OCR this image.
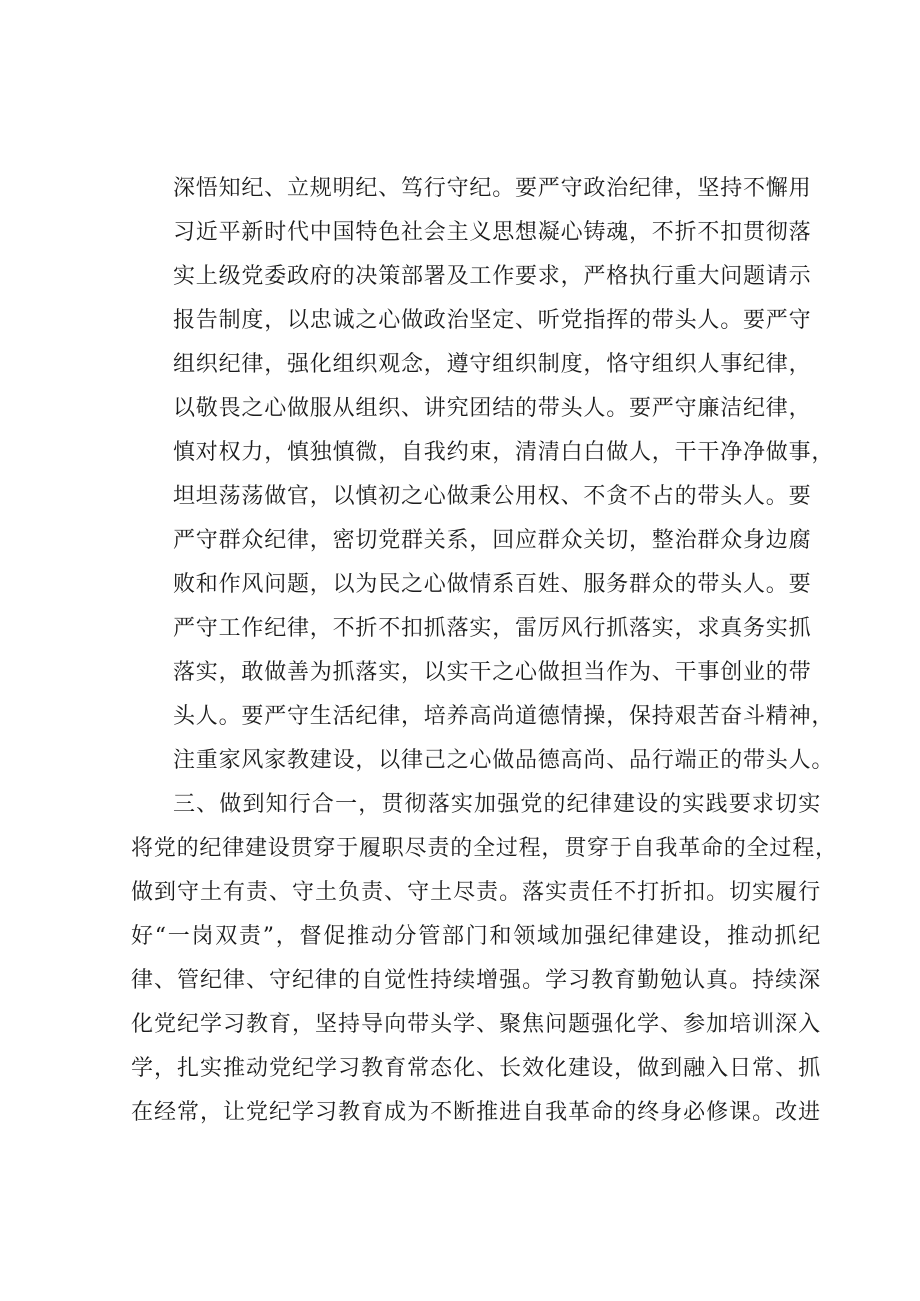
深悟知纪、立规明纪、笃行守纪。要严守政治纪律，坚持不懈用
习近平新时代中国特色社会主义思想凝心铸魂，不折不扣贯彻落
实上级党委政府的决策部署及工作要求，严格执行重大问题请示
报告制度，以忠诚之心做政治坚定、听党指挥的带头人。要严守
组织纪律，强化组织观念，遵守组织制度，恪守组织人事纪律，
以敬畏之心做服从组织、讲究团结的带头人。要严守廉洁纪律，
慎对权力，慎独慎微，自我约束，清清白白做人，干干净净做事，
坦坦荡荡做官，以慎初之心做秉公用权、不贪不占的带头人。要
严守群众纪律，密切党群关系，回应群众关切，整治群众身边腐
败和作风问题，以为民之心做情系百姓、服务群众的带头人。要
严守工作纪律，不折不扣抓落实，雷厉风行抓落实，求真务实抓
落实，敢做善为抓落实，以实干之心做担当作为、干事创业的带
头人。要严守生活纪律，培养高尚道德情操，保持艰苦奋斗精神，
注重家风家教建设，以律己之心做品德高尚、品行端正的带头人。
三、做到知行合一，贯彻落实加强党的纪律建设的实践要求切实
将党的纪律建设贯穿于履职尽责的全过程，贯穿于自我革命的全过程，
做到守土有责、守土负责、守土尽责。落实责任不打折扣。切实履行
好“一岗双责”，督促推动分管部门和领域加强纪律建设，推动抓纪
律、管纪律、守纪律的自觉性持续增强。学习教育勤勉认真。持续深
化党纪学习教育，坚持导向带头学、聚焦问题强化学、参加培训深入
学，扎实推动党纪学习教育常态化、长效化建设，做到融入日常、抓
在经常，让党纪学习教育成为不断推进自我革命的终身必修课。改进
